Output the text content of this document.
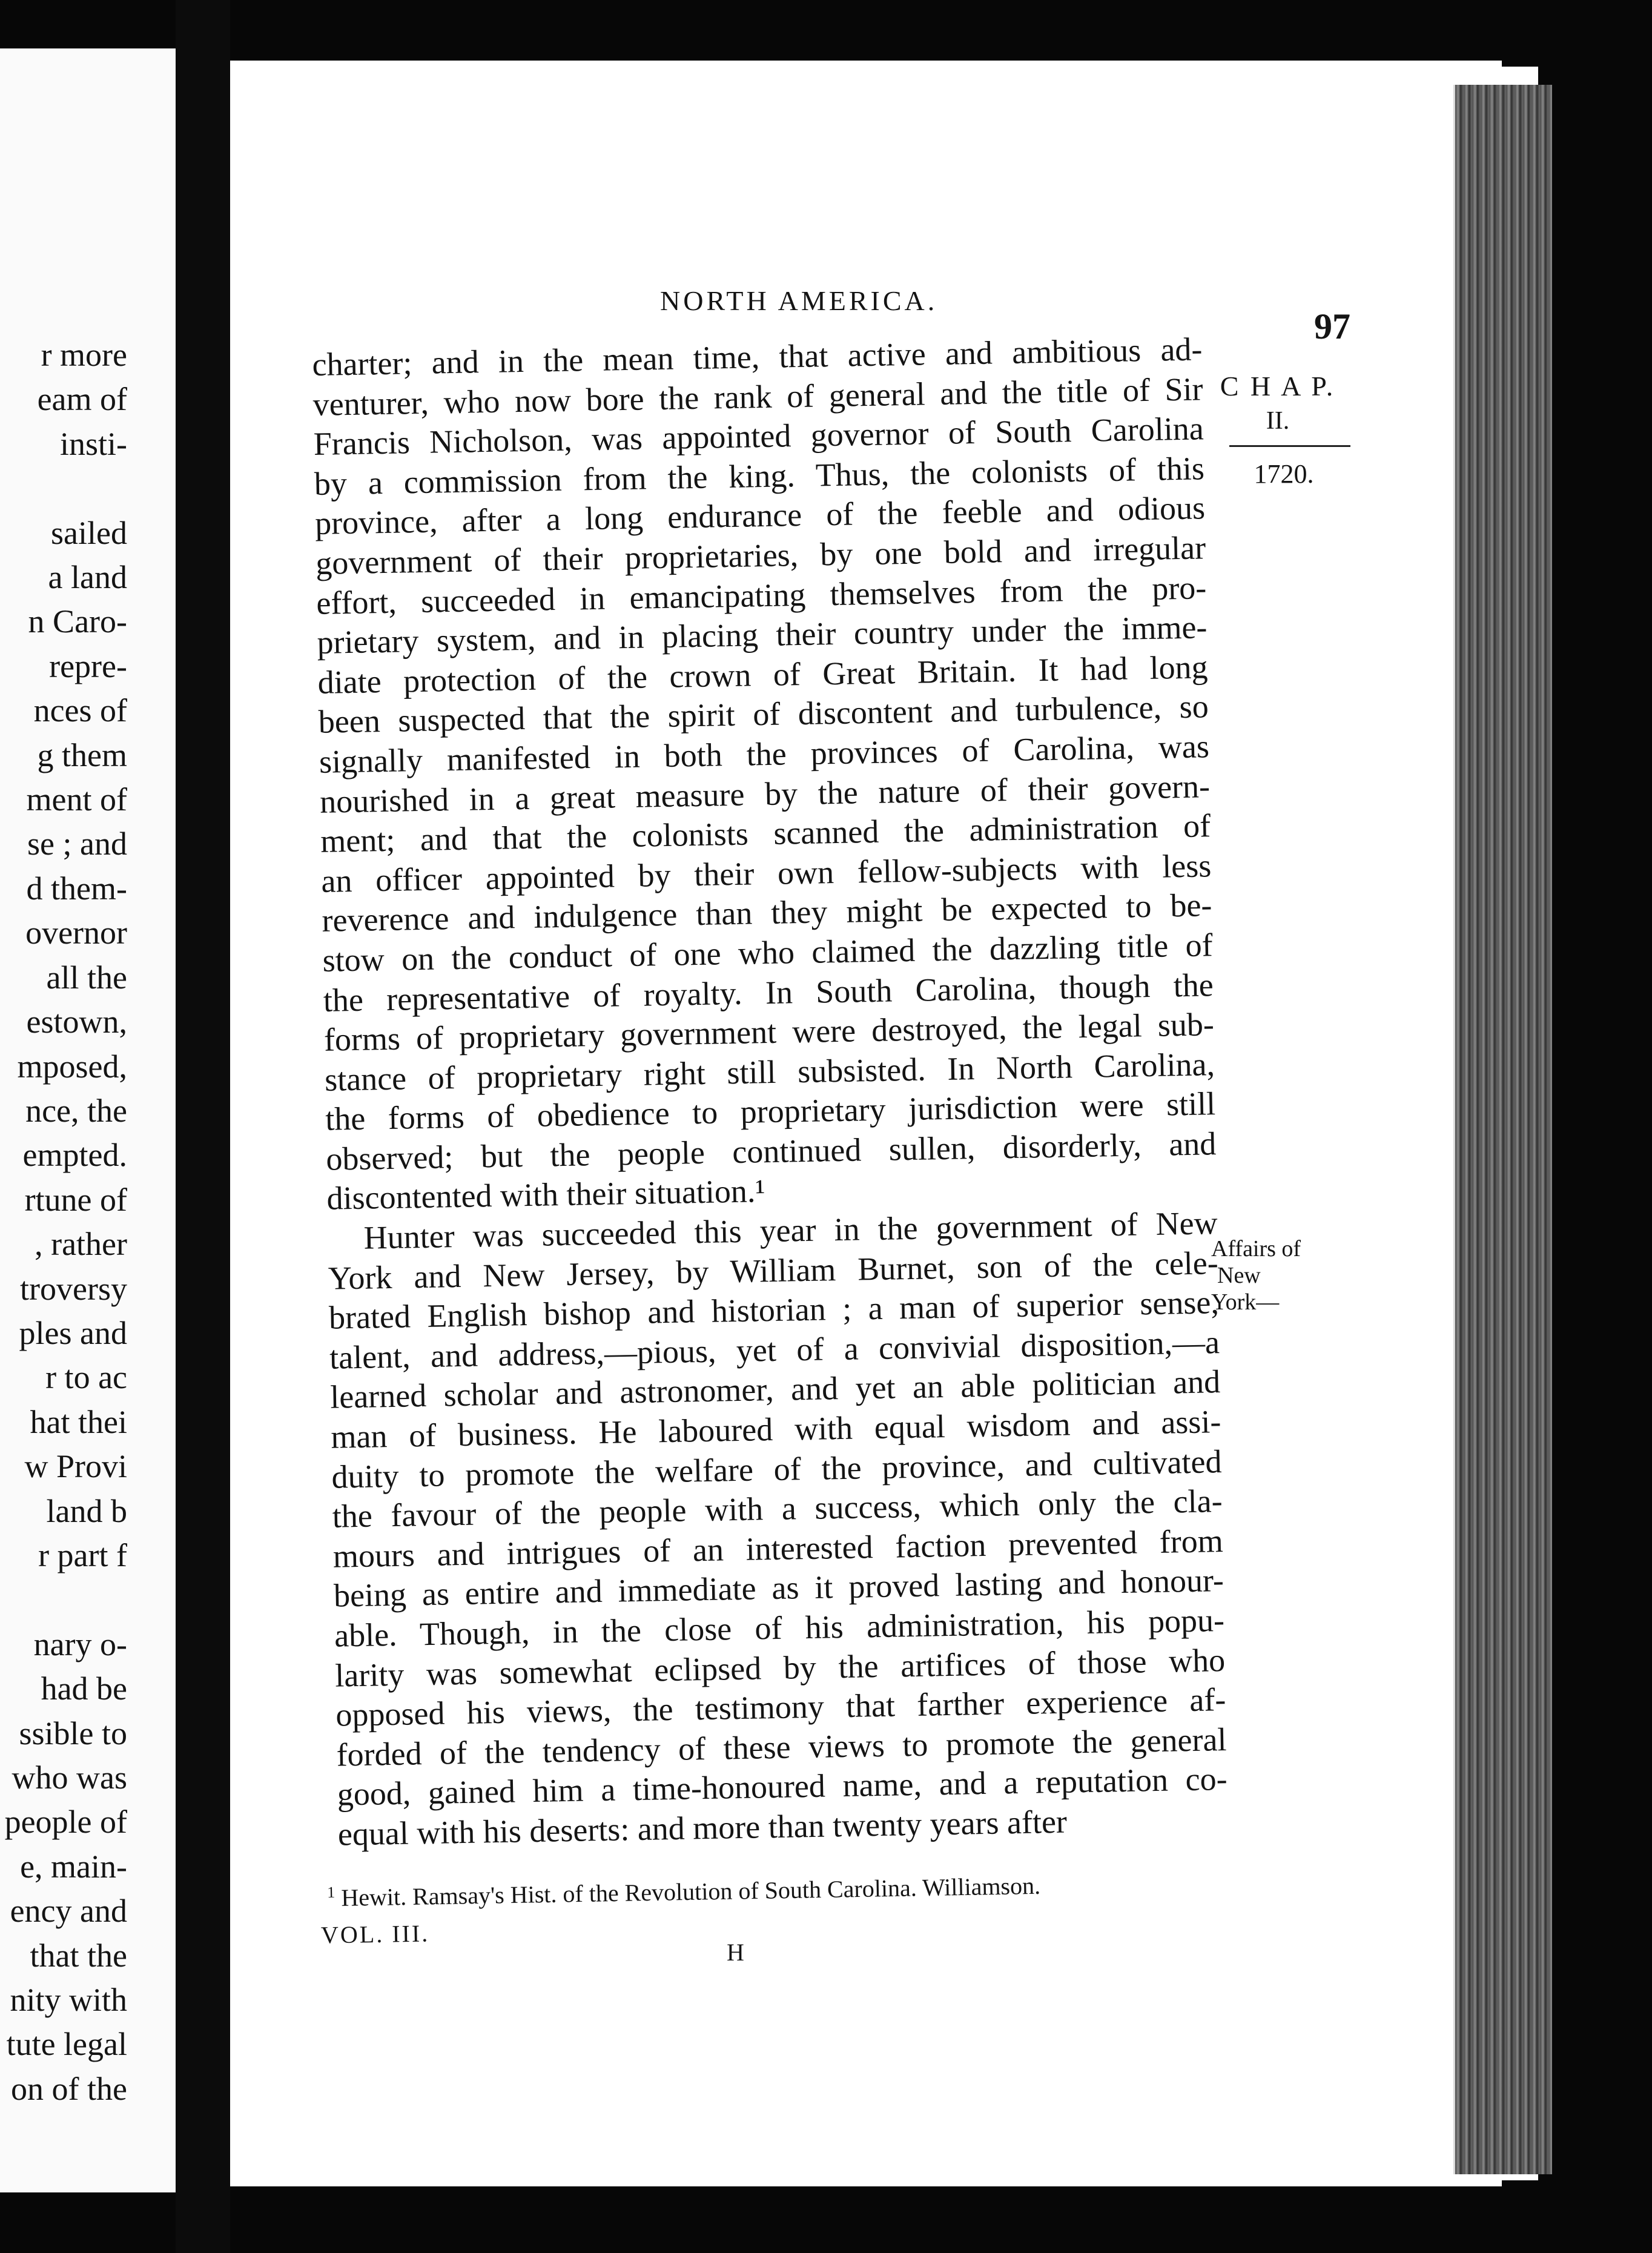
r more
eam of
insti-

sailed
a land
n Caro-
repre-
nces of
g them
ment of
se ; and
d them-
overnor
all the
estown,
mposed,
nce, the
empted.
rtune of
, rather
troversy
ples and
r to ac
hat thei
w Provi
land b
r part f

nary o-
had be
ssible to
who was
people of
e, main-
ency and
that the
nity with
tute legal
on of the
NORTH AMERICA.
97
C H A P.
II.
1720.
Affairs of
New
York—
charter; and in the mean time, that active and ambitious ad-
venturer, who now bore the rank of general and the title of Sir
Francis Nicholson, was appointed governor of South Carolina
by a commission from the king. Thus, the colonists of this
province, after a long endurance of the feeble and odious
government of their proprietaries, by one bold and irregular
effort, succeeded in emancipating themselves from the pro-
prietary system, and in placing their country under the imme-
diate protection of the crown of Great Britain. It had long
been suspected that the spirit of discontent and turbulence, so
signally manifested in both the provinces of Carolina, was
nourished in a great measure by the nature of their govern-
ment; and that the colonists scanned the administration of
an officer appointed by their own fellow-subjects with less
reverence and indulgence than they might be expected to be-
stow on the conduct of one who claimed the dazzling title of
the representative of royalty. In South Carolina, though the
forms of proprietary government were destroyed, the legal sub-
stance of proprietary right still subsisted. In North Carolina,
the forms of obedience to proprietary jurisdiction were still
observed; but the people continued sullen, disorderly, and
discontented with their situation.¹
Hunter was succeeded this year in the government of New
York and New Jersey, by William Burnet, son of the cele-
brated English bishop and historian ; a man of superior sense,
talent, and address,—pious, yet of a convivial disposition,—a
learned scholar and astronomer, and yet an able politician and
man of business. He laboured with equal wisdom and assi-
duity to promote the welfare of the province, and cultivated
the favour of the people with a success, which only the cla-
mours and intrigues of an interested faction prevented from
being as entire and immediate as it proved lasting and honour-
able. Though, in the close of his administration, his popu-
larity was somewhat eclipsed by the artifices of those who
opposed his views, the testimony that farther experience af-
forded of the tendency of these views to promote the general
good, gained him a time-honoured name, and a reputation co-
equal with his deserts: and more than twenty years after
$^1$ Hewit. Ramsay's Hist. of the Revolution of South Carolina. Williamson.
VOL. III.
H
